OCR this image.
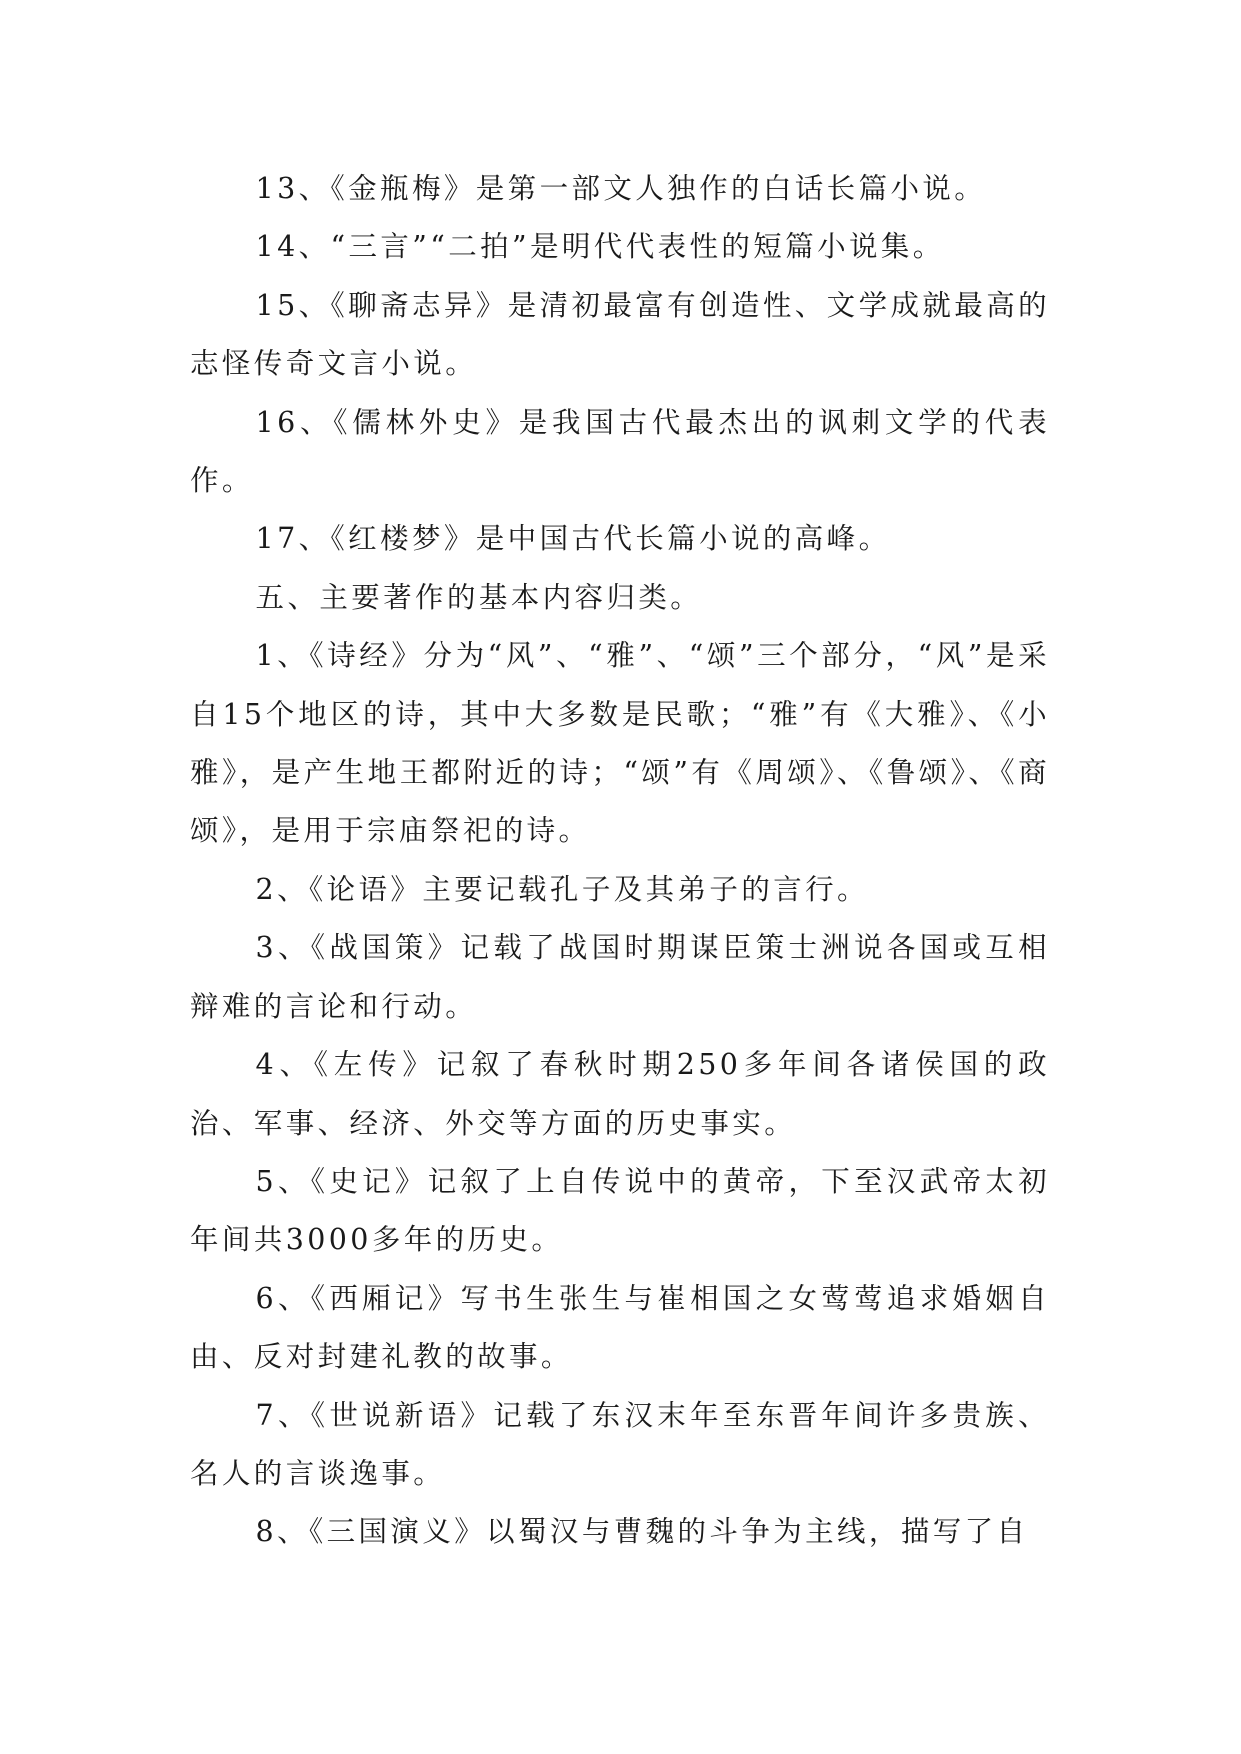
13、《金瓶梅》是第一部文人独作的白话长篇小说。

14、“三言”“二拍”是明代代表性的短篇小说集。

15、《聊斋志异》是清初最富有创造性、文学成就最高的志怪传奇文言小说。

16、《儒林外史》是我国古代最杰出的讽刺文学的代表作。

17、《红楼梦》是中国古代长篇小说的高峰。

五、主要著作的基本内容归类。

1、《诗经》分为“风”、“雅”、“颂”三个部分，“风”是采自15个地区的诗，其中大多数是民歌；“雅”有《大雅》、《小雅》，是产生地王都附近的诗；“颂”有《周颂》、《鲁颂》、《商颂》，是用于宗庙祭祀的诗。

2、《论语》主要记载孔子及其弟子的言行。

3、《战国策》记载了战国时期谋臣策士洲说各国或互相辩难的言论和行动。

4、《左传》记叙了春秋时期250多年间各诸侯国的政治、军事、经济、外交等方面的历史事实。

5、《史记》记叙了上自传说中的黄帝，下至汉武帝太初年间共3000多年的历史。

6、《西厢记》写书生张生与崔相国之女莺莺追求婚姻自由、反对封建礼教的故事。

7、《世说新语》记载了东汉末年至东晋年间许多贵族、名人的言谈逸事。

8、《三国演义》以蜀汉与曹魏的斗争为主线，描写了自
